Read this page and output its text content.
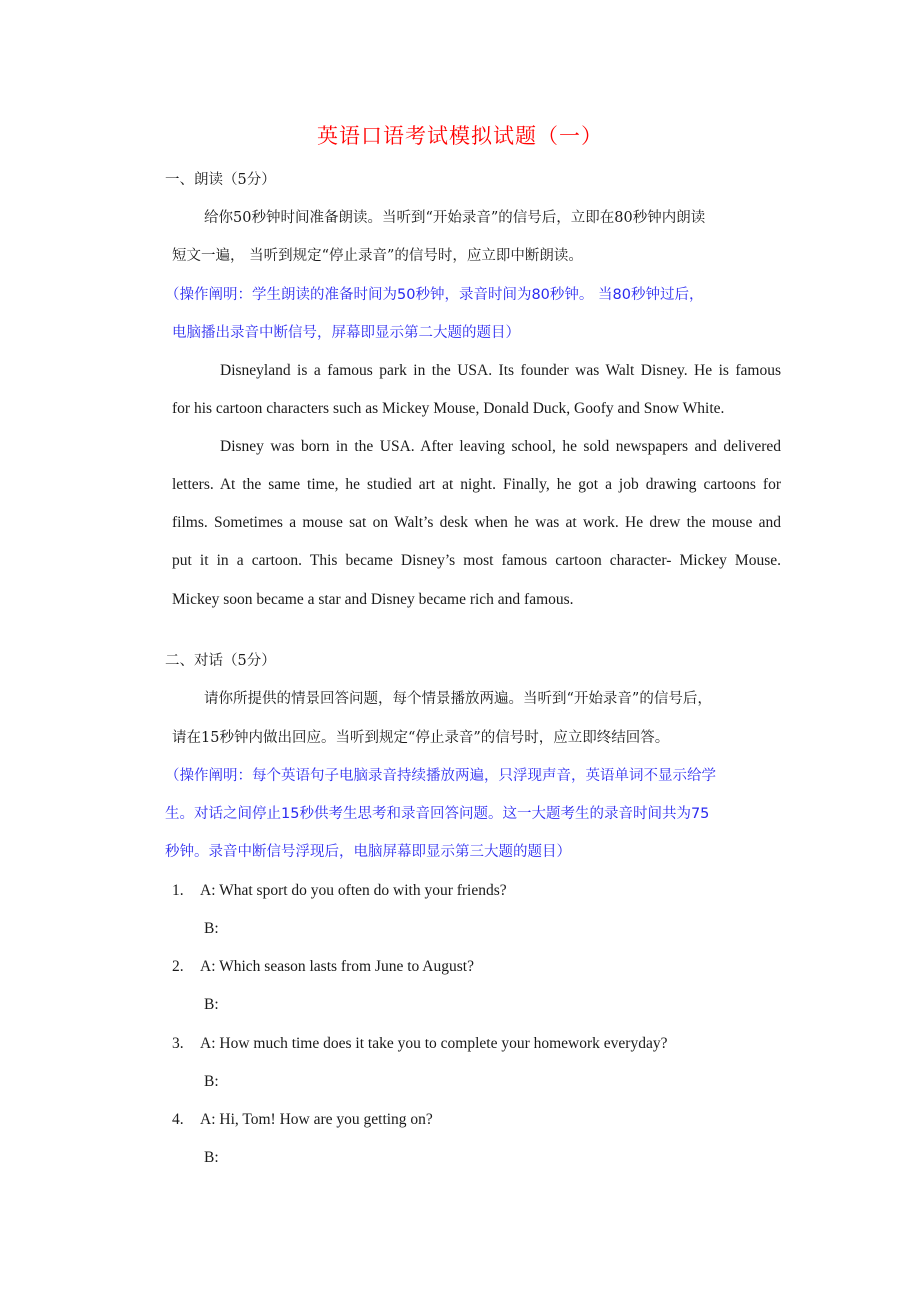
英语口语考试模拟试题（一）
一、朗读（5分）
给你50秒钟时间准备朗读。当听到“开始录音”的信号后，立即在80秒钟内朗读
短文一遍， 当听到规定“停止录音”的信号时，应立即中断朗读。
（操作阐明：学生朗读的准备时间为50秒钟，录音时间为80秒钟。 当80秒钟过后，
电脑播出录音中断信号，屏幕即显示第二大题的题目）
Disneyland is a famous park in the USA. Its founder was Walt Disney. He is famous
for his cartoon characters such as Mickey Mouse, Donald Duck, Goofy and Snow White.
Disney was born in the USA. After leaving school, he sold newspapers and delivered
letters. At the same time, he studied art at night. Finally, he got a job drawing cartoons for
films. Sometimes a mouse sat on Walt’s desk when he was at work. He drew the mouse and
put it in a cartoon. This became Disney’s most famous cartoon character- Mickey Mouse.
Mickey soon became a star and Disney became rich and famous.
二、对话（5分）
请你所提供的情景回答问题，每个情景播放两遍。当听到“开始录音”的信号后，
请在15秒钟内做出回应。当听到规定“停止录音”的信号时，应立即终结回答。
（操作阐明：每个英语句子电脑录音持续播放两遍，只浮现声音，英语单词不显示给学
生。对话之间停止15秒供考生思考和录音回答问题。这一大题考生的录音时间共为75
秒钟。录音中断信号浮现后，电脑屏幕即显示第三大题的题目）
1. A: What sport do you often do with your friends?
B:
2. A: Which season lasts from June to August?
B:
3. A: How much time does it take you to complete your homework everyday?
B:
4. A: Hi, Tom! How are you getting on?
B:
